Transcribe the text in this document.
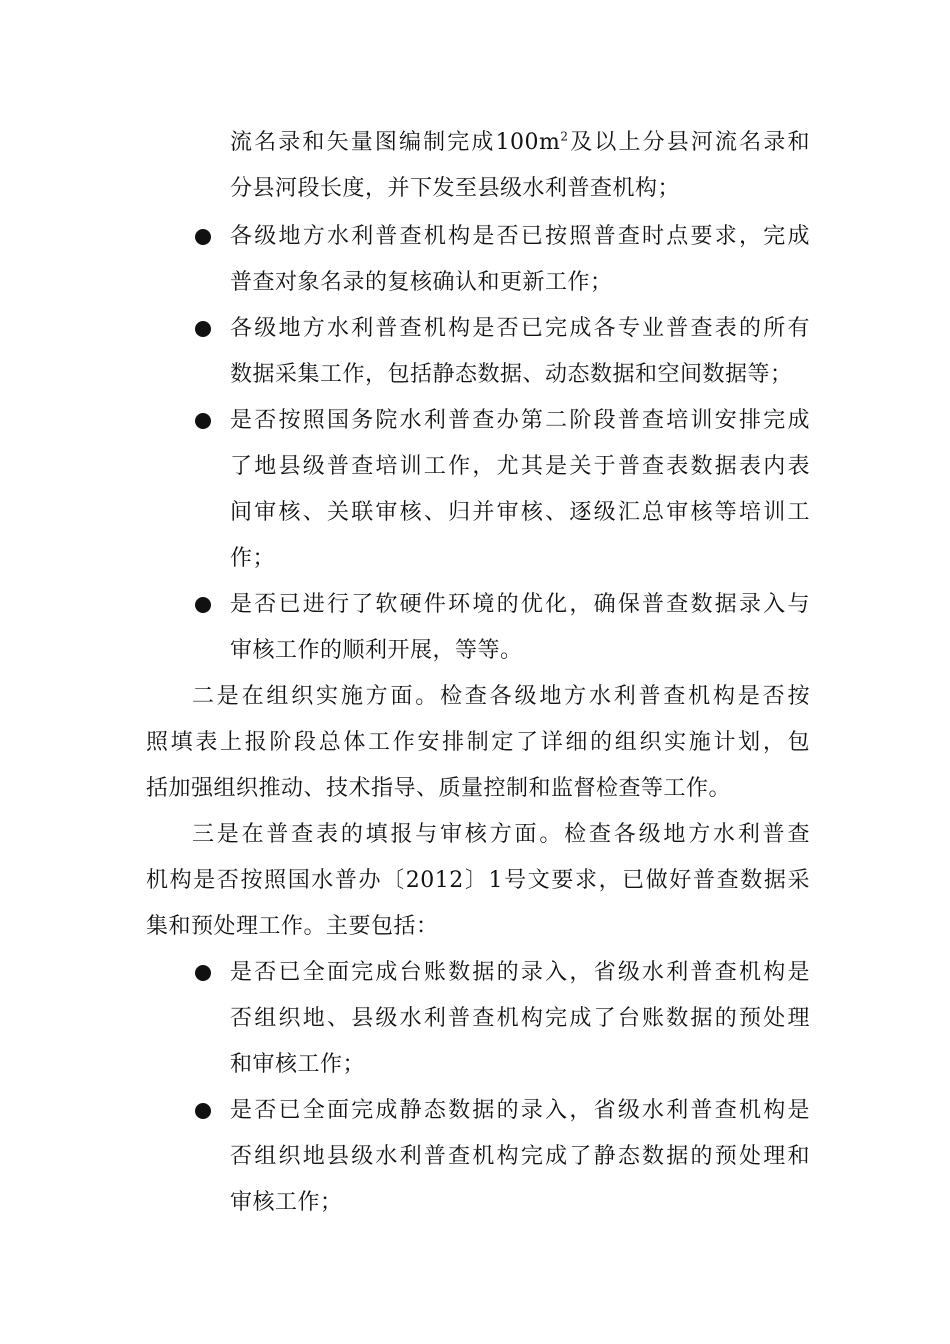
流名录和矢量图编制完成$100m^2$及以上分县河流名录和
分县河段长度，并下发至县级水利普查机构；
各级地方水利普查机构是否已按照普查时点要求，完成
普查对象名录的复核确认和更新工作；
各级地方水利普查机构是否已完成各专业普查表的所有
数据采集工作，包括静态数据、动态数据和空间数据等；
是否按照国务院水利普查办第二阶段普查培训安排完成
了地县级普查培训工作，尤其是关于普查表数据表内表
间审核、关联审核、归并审核、逐级汇总审核等培训工
作；
是否已进行了软硬件环境的优化，确保普查数据录入与
审核工作的顺利开展，等等。
二是在组织实施方面。检查各级地方水利普查机构是否按
照填表上报阶段总体工作安排制定了详细的组织实施计划，包
括加强组织推动、技术指导、质量控制和监督检查等工作。
三是在普查表的填报与审核方面。检查各级地方水利普查
机构是否按照国水普办〔2012〕1号文要求，已做好普查数据采
集和预处理工作。主要包括：
是否已全面完成台账数据的录入，省级水利普查机构是
否组织地、县级水利普查机构完成了台账数据的预处理
和审核工作；
是否已全面完成静态数据的录入，省级水利普查机构是
否组织地县级水利普查机构完成了静态数据的预处理和
审核工作；
